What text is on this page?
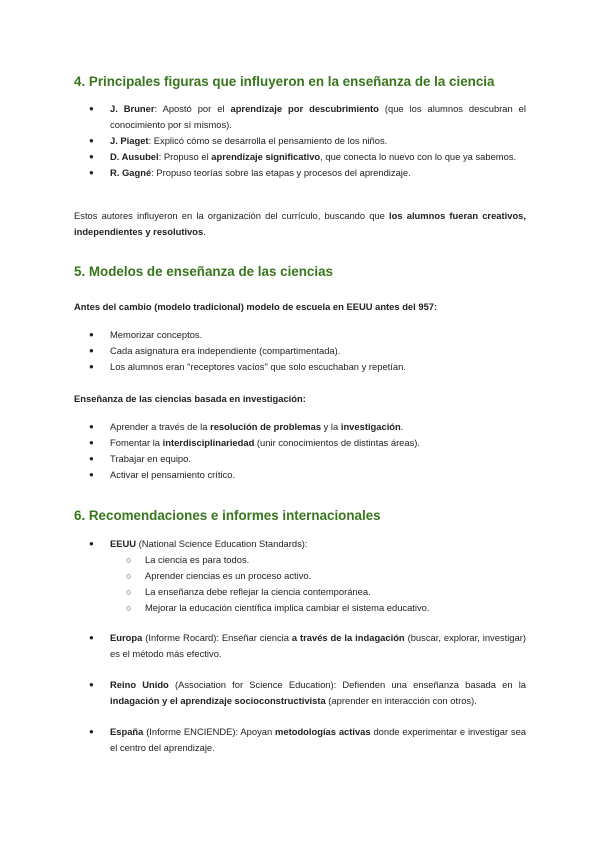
4. Principales figuras que influyeron en la enseñanza de la ciencia
● J. Bruner: Apostó por el aprendizaje por descubrimiento (que los alumnos descubran el conocimiento por sí mismos).
● J. Piaget: Explicó cómo se desarrolla el pensamiento de los niños.
● D. Ausubel: Propuso el aprendizaje significativo, que conecta lo nuevo con lo que ya sabemos.
● R. Gagné: Propuso teorías sobre las etapas y procesos del aprendizaje.

Estos autores influyeron en la organización del currículo, buscando que los alumnos fueran creativos, independientes y resolutivos.

5. Modelos de enseñanza de las ciencias

Antes del cambio (modelo tradicional) modelo de escuela en EEUU antes del 957:

● Memorizar conceptos.
● Cada asignatura era independiente (compartimentada).
● Los alumnos eran "receptores vacíos" que solo escuchaban y repetían.

Enseñanza de las ciencias basada en investigación:

● Aprender a través de la resolución de problemas y la investigación.
● Fomentar la interdisciplinariedad (unir conocimientos de distintas áreas).
● Trabajar en equipo.
● Activar el pensamiento crítico.
6. Recomendaciones e informes internacionales
● EEUU (National Science Education Standards):
○ La ciencia es para todos.
○ Aprender ciencias es un proceso activo.
○ La enseñanza debe reflejar la ciencia contemporánea.
○ Mejorar la educación científica implica cambiar el sistema educativo.
● Europa (Informe Rocard): Enseñar ciencia a través de la indagación (buscar, explorar, investigar) es el método más efectivo.
● Reino Unido (Association for Science Education): Defienden una enseñanza basada en la indagación y el aprendizaje socioconstructivista (aprender en interacción con otros).
● España (Informe ENCIENDE): Apoyan metodologías activas donde experimentar e investigar sea el centro del aprendizaje.
